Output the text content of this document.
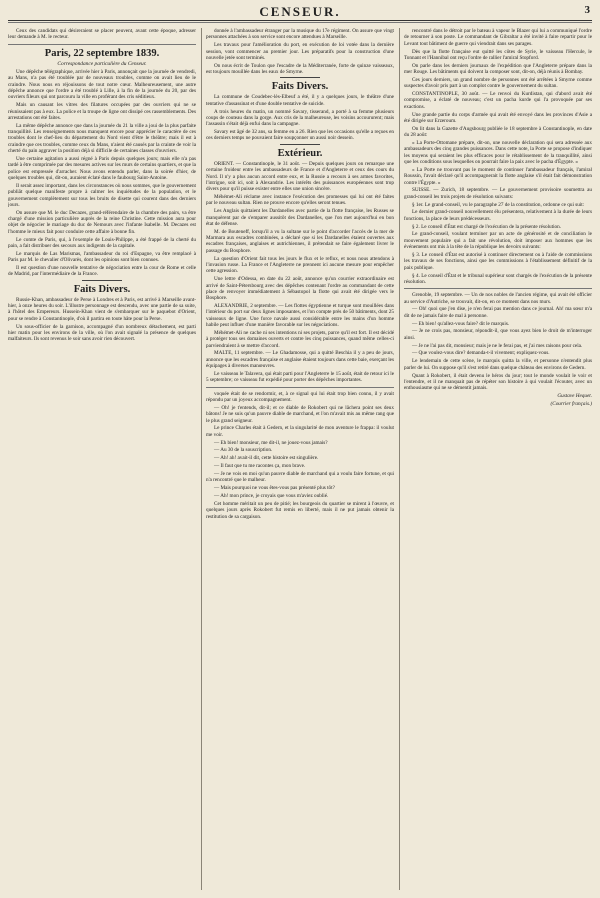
CENSEUR.	3

Ceux des candidats qui désireraient se placer peuvent, avant cette époque, adresser leur demande à M. le recteur.

Paris, 22 septembre 1839.
Correspondance particulière du Censeur.

Une dépêche télégraphique, arrivée hier à Paris, annonçait que la journée de vendredi, au Mans, n'a pas été troublée par de nouveaux troubles, comme on avait lieu de le craindre. Nous nous en réjouissons de tout notre cœur. Malheureusement, une autre dépêche annonce que l'ordre a été troublé à Lille, à la fin de la journée du 20, par des ouvriers fileurs qui ont parcouru la ville en proférant des cris séditieux.

Mais un causant les vitres des filatures occupées par des ouvriers qui ne se réunissaient pas à eux. La police et la troupe de ligne ont dissipé ces rassemblements. Des arrestations ont été faites.

La même dépêche annonce que dans la journée du 21 la ville a joui de la plus parfaite tranquillité. Les renseignements nous manquent encore pour apprécier le caractère de ces troubles dont le chef-lieu du département du Nord vient d'être le théâtre; mais il est à craindre que ces troubles, comme ceux du Mans, n'aient été causés par la crainte de voir la cherté du pain aggraver la position déjà si difficile de certaines classes d'ouvriers.

Une certaine agitation a aussi régné à Paris depuis quelques jours; mais elle n'a pas tardé à être comprimée par des mesures actives sur les murs de certains quartiers, et que la police est empressée d'arracher. Nous avons entendu parler, dans la soirée d'hier, de quelques troubles qui, dit-on, auraient éclaté dans le faubourg Saint-Antoine.

Il serait assez important, dans les circonstances où nous sommes, que le gouvernement publiât quelque manifeste propre à calmer les inquiétudes de la population, et le gouvernement complètement sur tous les bruits de disette qui courent dans des derniers jours.

On assure que M. le duc Decazes, grand-référendaire de la chambre des pairs, va être chargé d'une mission particulière auprès de la reine Christine. Cette mission aura pour objet de négocier le mariage du duc de Nemours avec l'infante Isabelle. M. Decazes est l'homme le mieux fait pour conduire cette affaire à bonne fin.

Le comte de Paris, qui, à l'exemple de Louis-Philippe, a été frappé de la cherté du pain, a fait distribuer des secours aux indigents de la capitale.

Le marquis de Las Marismas, l'ambassadeur du roi d'Espagne, va être remplacé à Paris par M. le chevalier d'Olivarès, dont les opinions sont bien connues.

Il est question d'une nouvelle tentative de négociation entre la cour de Rome et celle de Madrid, par l'intermédiaire de la France.

Faits Divers.

Russie-Khan, ambassadeur de Perse à Londres et à Paris, est arrivé à Marseille avant-hier, à onze heures du soir. L'illustre personnage est descendu, avec une partie de sa suite, à l'hôtel des Empereurs. Hussein-Khan vient de s'embarquer sur le paquebot d'Orient, pour se rendre à Constantinople, d'où il partira en toute hâte pour la Perse.

Un sous-officier de la garnison, accompagné d'un nombreux détachement, est parti hier matin pour les environs de la ville, où l'on avait signalé la présence de quelques malfaiteurs. Ils sont revenus le soir sans avoir rien découvert.

donnée à l'ambassadeur étranger par la musique du 17e régiment. On assure que vingt personnes attachées à son service sont encore attendues à Marseille.

Les travaux pour l'amélioration du port, en exécution de loi votée dans la dernière session, vont commencer au premier jour. Les préparatifs pour la construction d'une nouvelle jetée sont terminés.

On nous écrit de Toulon que l'escadre de la Méditerranée, forte de quinze vaisseaux, est toujours mouillée dans les eaux de Smyrne.

Faits Divers.

La commune de Coudebec-lès-Elbeuf a été, il y a quelques jours, le théâtre d'une tentative d'assassinat et d'une double tentative de suicide.

A trois heures du matin, un nommé Savary, tisserand, a porté à sa femme plusieurs coups de couteau dans la gorge. Aux cris de la malheureuse, les voisins accoururent; mais l'assassin s'était déjà enfui dans la campagne.

Savary est âgé de 32 ans, sa femme en a 26. Rien que les occasions qu'elle a reçues en ces derniers temps ne pouvaient faire soupçonner un aussi noir dessein.

Extérieur.

ORIENT. — Constantinople, le 31 août. — Depuis quelques jours on remarque une certaine froideur entre les ambassadeurs de France et d'Angleterre et ceux des cours du Nord. Il n'y a plus aucun accord entre eux, et la Russie a recours à ses armes favorites, l'intrigue, soit ici, soit à Alexandrie. Les intérêts des puissances européennes sont trop divers pour qu'il puisse exister entre elles une union sincère.

Méhémet-Ali réclame avec instance l'exécution des promesses qui lui ont été faites par le nouveau sultan. Rien ne prouve encore qu'elles seront tenues.

Les Anglais quittaient les Dardanelles avec partie de la flotte française, les Russes se manquèrent par de s'emparer aussitôt des Dardanelles, que l'on met aujourd'hui en bon état de défense.

M. de Bouteneff, lorsqu'il a vu la sultane sur le point d'accorder l'accès de la mer de Marmara aux escadres combinées, a déclaré que si les Dardanelles étaient ouvertes aux escadres françaises, anglaises et autrichiennes, il prétendait se faire également livrer le passage du Bosphore.

La question d'Orient fait tous les jours le flux et le reflux, et nous nous attendons à l'invasion russe. La France et l'Angleterre ne prennent ici aucune mesure pour empêcher cette agression.

Une lettre d'Odessa, en date du 22 août, annonce qu'un courrier extraordinaire est arrivé de Saint-Pétersbourg avec des dépêches contenant l'ordre au commandant de cette place de renvoyer immédiatement à Sébastopol la flotte qui avait été dirigée vers le Bosphore.

ALEXANDRIE, 2 septembre. — Les flottes égyptienne et turque sont mouillées dans l'intérieur du port sur deux lignes imposantes, et l'on compte près de 50 bâtiments, dont 25 vaisseaux de ligne. Une force navale aussi considérable entre les mains d'un homme habile peut influer d'une manière favorable sur les négociations.

Méhémet-Ali ne cache ni ses intentions ni ses projets, parce qu'il est fort. Il est décidé à protéger tous ses domaines ouverts et contre les cinq puissances, quand même celles-ci parviendraient à se mettre d'accord.

MALTE, 11 septembre. — Le Ghadamosse, qui a quitté Beschia il y a peu de jours, annonce que les escadres française et anglaise étaient toujours dans cette baie, exerçant les équipages à diverses manœuvres.

Le vaisseau le Talavera, qui était parti pour l'Angleterre le 15 août, était de retour ici le 5 septembre; ce vaisseau fut expédié pour porter des dépêches importantes.

voquée était de se rendormir, et, à ce signal qui lui était trop bien connu, il y avait répondu par un joyeux accompagnement.

— Oh! je t'entends, dit-il; et ce diable de Rokobert qui ne lâchera point ses deux bâtons! Je ne suis qu'un pauvre diable de marchand, et l'on m'avait mis au même rang que le plus grand seigneur.

Le prince Charles était à Gedern, et la singularité de mon aventure le frappa: il voulut me voir.

— Eh bien! monsieur, me dit-il, ne jouez-vous jamais?

— Au 30 de la souscription.

— Ah! ah! avait-il dit, cette histoire est singulière.

— Il faut que tu me racontes ça, mon brave.

— Je ne vois en moi qu'un pauvre diable de marchand qui a voulu faire fortune, et qui n'a rencontré que le malheur.

— Mais pourquoi ne vous êtes-vous pas présenté plus tôt?

— Ah! mon prince, je croyais que vous m'aviez oublié.

Cet homme méritait un peu de pitié; les bourgeois du quartier se mirent à l'œuvre, et quelques jours après Rokobert fut remis en liberté, mais il ne put jamais obtenir la restitution de sa cargaison.

rencontré dans le détroit par le bateau à vapeur le Blazer qui lui a communiqué l'ordre de retourner à son poste. Le commandant de Gibraltar a été invité à faire repartir pour le Levant tout bâtiment de guerre qui viendrait dans ses parages.

Dès que la flotte française eut quitté les côtes de Syrie, le vaisseau l'Hercule, le Tonnant et l'Hannibal ont reçu l'ordre de rallier l'amiral Stopford.

On parle dans les derniers journaux de l'expédition que l'Angleterre prépare dans la mer Rouge. Les bâtiments qui doivent la composer sont, dit-on, déjà réunis à Bombay.

Ces jours derniers, un grand nombre de personnes ont été arrêtées à Smyrne comme suspectes d'avoir pris part à un complot contre le gouvernement du sultan.

CONSTANTINOPLE, 30 août. — Le renvoi du Kurdistan, qui d'abord avait été compromise, a éclaté de nouveau; c'est un pacha kurde qui l'a provoquée par ses exactions.

Une grande partie du corps d'armée qui avait été envoyé dans les provinces d'Asie a été dirigée sur Erzeroum.

On lit dans la Gazette d'Augsbourg publiée le 18 septembre à Constantinople, en date du 28 août:

« La Porte-Ottomane prépare, dit-on, une nouvelle déclaration qui sera adressée aux ambassadeurs des cinq grandes puissances. Dans cette note, la Porte se propose d'indiquer les moyens qui seraient les plus efficaces pour le rétablissement de la tranquillité, ainsi que les conditions sous lesquelles on pourrait faire la paix avec le pacha d'Égypte. »

« La Porte ne trouvant pas le moment de continuer l'ambassadeur français, l'amiral Roussin, l'avait déclaré qu'il accompagnerait la flotte anglaise s'il était fait démonstration contre l'Égypte. »

SUISSE. — Zurich, 18 septembre. — Le gouvernement provisoire soumettra au grand-conseil les trois projets de résolution suivants:

§ 1er. Le grand-conseil, vu le paragraphe 27 de la constitution, ordonne ce qui suit:

Le dernier grand-conseil nouvellement élu présentera, relativement à la durée de leurs fonctions, la place de leurs prédécesseurs.

§ 2. Le conseil d'État est chargé de l'exécution de la présente résolution.

Le grand-conseil, voulant terminer par un acte de générosité et de conciliation le mouvement populaire qui a fait une révolution, doit imposer aux hommes que les événements ont mis à la tête de la république les devoirs suivants:

§ 3. Le conseil d'État est autorisé à continuer directement ou à l'aide de commissions les travaux de ses fonctions, ainsi que les commissions à l'établissement définitif de la paix publique.

§ 4. Le conseil d'État et le tribunal supérieur sont chargés de l'exécution de la présente résolution.

Grenoble, 19 septembre. — Un de nos nobles de l'ancien régime, qui avait été officier au service d'Autriche, se trouvait, dit-on, en ce moment dans nos murs.

— Oh! quoi que j'en dise, je n'en ferai pas mention dans ce journal. Ah! ma sœur m'a dit de ne jamais faire de mal à personne.

— Eh bien! qu'allez-vous faire? dit le marquis.

— Je ne crois pas, monsieur, répondit-il, que vous ayez bien le droit de m'interroger ainsi.

— Je ne l'ai pas dit, monsieur; mais je ne le ferai pas, et j'ai mes raisons pour cela.

— Que voulez-vous dire? demanda-t-il vivement; expliquez-vous.

Le lendemain de cette scène, le marquis quitta la ville, et personne n'entendit plus parler de lui. On suppose qu'il s'est retiré dans quelque château des environs de Gedern.

Quant à Rokobert, il était devenu le héros du jour; tout le monde voulait le voir et l'entendre, et il ne manquait pas de répéter son histoire à qui voulait l'écouter, avec un enthousiasme qui ne se démentit jamais.

Gustave Hequet.

(Courrier français.)
